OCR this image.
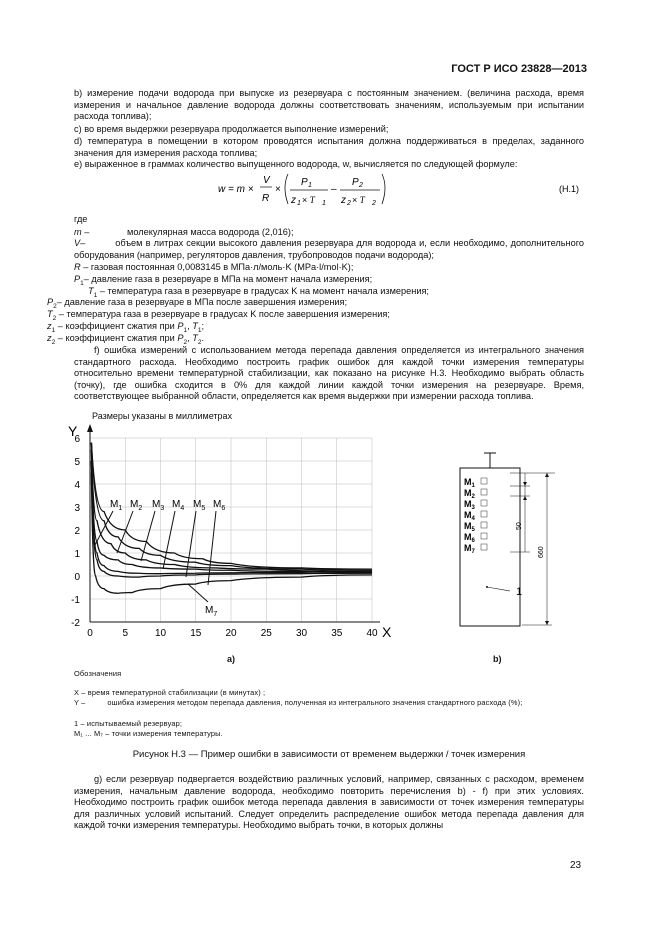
ГОСТ Р ИСО 23828—2013
b) измерение подачи водорода при выпуске из резервуара с постоянным значением. (величина расхода, время измерения и начальное давление водорода должны соответствовать значениям, используемым при испытании расхода топлива);
c) во время выдержки резервуара продолжается выполнение измерений;
d) температура в помещении в котором проводятся испытания должна поддерживаться в пределах, заданного значения для измерения расхода топлива;
e) выраженное в граммах количество выпущенного водорода, w, вычисляется по следующей формуле:
w = m ×
V
R
×
P 1
z 1 × T 1
–
P 2
z 2 × T 2
(H.1)
где
m –	молекулярная масса водорода (2,016);
V–	объем в литрах секции высокого давления резервуара для водорода и, если необходимо, дополнительного оборудования (например, регуляторов давления, трубопроводов подачи водорода);
R – газовая постоянная 0,0083145 в МПа·л/моль·K (MPa·l/mol·K);
$P_1-$ давление газа в резервуаре в МПа на момент начала измерения;
$T_1$ – температура газа в резервуаре в градусах K на момент начала измерения;
$P_2-$ давление газа в резервуаре в МПа после завершения измерения;
$T_2$ – температура газа в резервуаре в градусах K после завершения измерения;
$z_1$ – коэффициент сжатия при $P_1$, $T_1$;
$z_2$ – коэффициент сжатия при $P_2$, $T_2$.
f) ошибка измерений с использованием метода перепада давления определяется из интегрального значения стандартного расхода. Необходимо построить график ошибок для каждой точки измерения температуры относительно времени температурной стабилизации, как показано на рисунке Н.3. Необходимо выбрать область (точку), где ошибка сходится в 0% для каждой линии каждой точки измерения на резервуаре. Время, соответствующее выбранной области, определяется как время выдержки при измерении расхода топлива.
Размеры указаны в миллиметрах
0	5	10 15 20 25 30 35 40
-2
-1
0
1
2
3
4
5
6
X
Y
$M_1$ $M_2$ $M_3$ $M_4$ $M_5$ $M_6$
$M_7$
a)
$M_1$
$M_2$
$M_3$
$M_4$
$M_5$
$M_6$
$M_7$
1
50
660
b)
Обозначения
X – время температурной стабилизации (в минутах) ;
Y –	ошибка измерения методом перепада давления, полученная из интегрального значения стандартного расхода (%);
1 – испытываемый резервуар;
M₁ ... M₇ – точки измерения температуры.
Рисунок Н.3 — Пример ошибки в зависимости от временем выдержки / точек измерения
g) если резервуар подвергается воздействию различных условий, например, связанных с расходом, временем измерения, начальным давление водорода, необходимо повторить перечисления b) - f) при этих условиях. Необходимо построить график ошибок метода перепада давления в зависимости от точек измерения температуры для различных условий испытаний. Следует определить распределение ошибок метода перепада давления для каждой точки измерения температуры. Необходимо выбрать точки, в которых должны
23
